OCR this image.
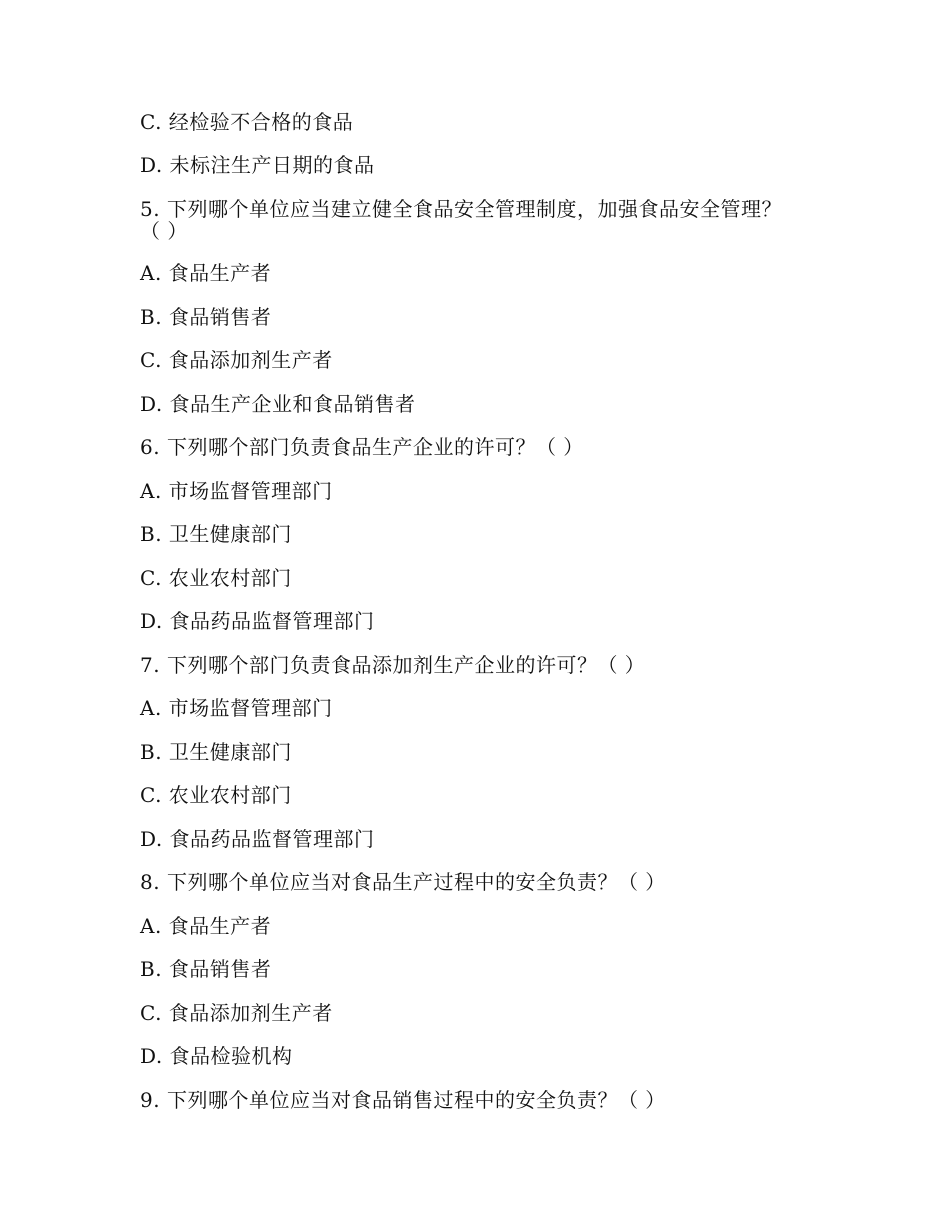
C. 经检验不合格的食品
D. 未标注生产日期的食品
5. 下列哪个单位应当建立健全食品安全管理制度，加强食品安全管理？（ ）
A. 食品生产者
B. 食品销售者
C. 食品添加剂生产者
D. 食品生产企业和食品销售者
6. 下列哪个部门负责食品生产企业的许可？（ ）
A. 市场监督管理部门
B. 卫生健康部门
C. 农业农村部门
D. 食品药品监督管理部门
7. 下列哪个部门负责食品添加剂生产企业的许可？（ ）
A. 市场监督管理部门
B. 卫生健康部门
C. 农业农村部门
D. 食品药品监督管理部门
8. 下列哪个单位应当对食品生产过程中的安全负责？（ ）
A. 食品生产者
B. 食品销售者
C. 食品添加剂生产者
D. 食品检验机构
9. 下列哪个单位应当对食品销售过程中的安全负责？（ ）
